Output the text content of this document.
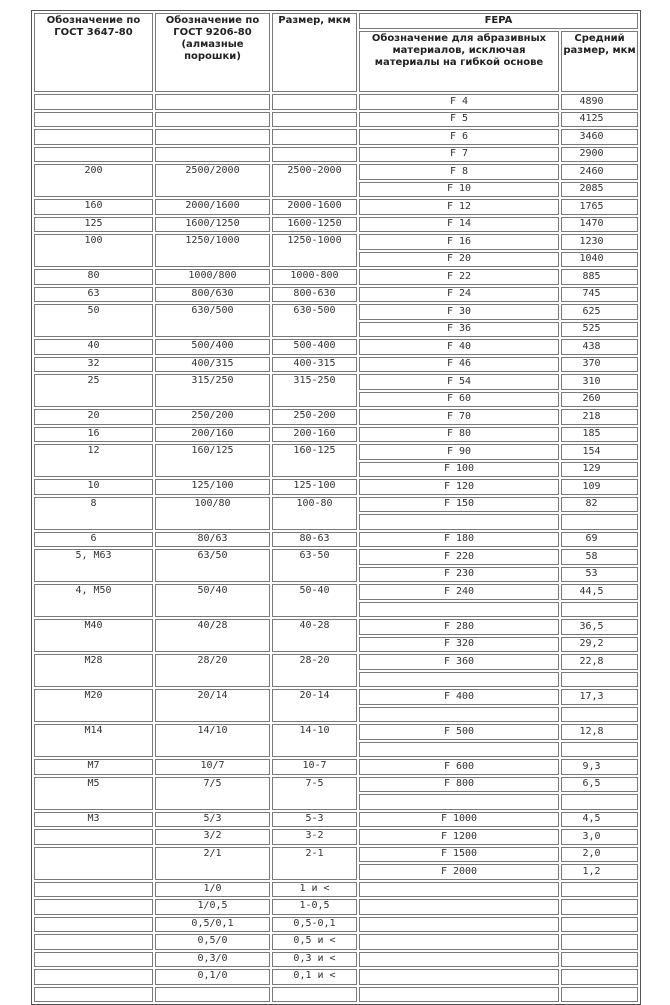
Обозначение по ГОСТ 3647-80	Обозначение по ГОСТ 9206-80 (алмазные порошки)	Размер, мкм	FEPA	
			Обозначение для абразивных материалов, исключая материалы на гибкой основе	Средний размер, мкм
			F 4	4890
			F 5	4125
			F 6	3460
			F 7	2900
200	2500/2000	2500-2000	F 8	2460
			F 10	2085
160	2000/1600	2000-1600	F 12	1765
125	1600/1250	1600-1250	F 14	1470
100	1250/1000	1250-1000	F 16	1230
			F 20	1040
80	1000/800	1000-800	F 22	885
63	800/630	800-630	F 24	745
50	630/500	630-500	F 30	625
			F 36	525
40	500/400	500-400	F 40	438
32	400/315	400-315	F 46	370
25	315/250	315-250	F 54	310
			F 60	260
20	250/200	250-200	F 70	218
16	200/160	200-160	F 80	185
12	160/125	160-125	F 90	154
			F 100	129
10	125/100	125-100	F 120	109
8	100/80	100-80	F 150	82

6	80/63	80-63	F 180	69
5, M63	63/50	63-50	F 220	58
			F 230	53
4, M50	50/40	50-40	F 240	44,5

M40	40/28	40-28	F 280	36,5
			F 320	29,2
M28	28/20	28-20	F 360	22,8

M20	20/14	20-14	F 400	17,3

M14	14/10	14-10	F 500	12,8

M7	10/7	10-7	F 600	9,3
M5	7/5	7-5	F 800	6,5

M3	5/3	5-3	F 1000	4,5
	3/2	3-2	F 1200	3,0
	2/1	2-1	F 1500	2,0
			F 2000	1,2
	1/0	1 и <		
	1/0,5	1-0,5		
	0,5/0,1	0,5-0,1		
	0,5/0	0,5 и <		
	0,3/0	0,3 и <		
	0,1/0	0,1 и <		
